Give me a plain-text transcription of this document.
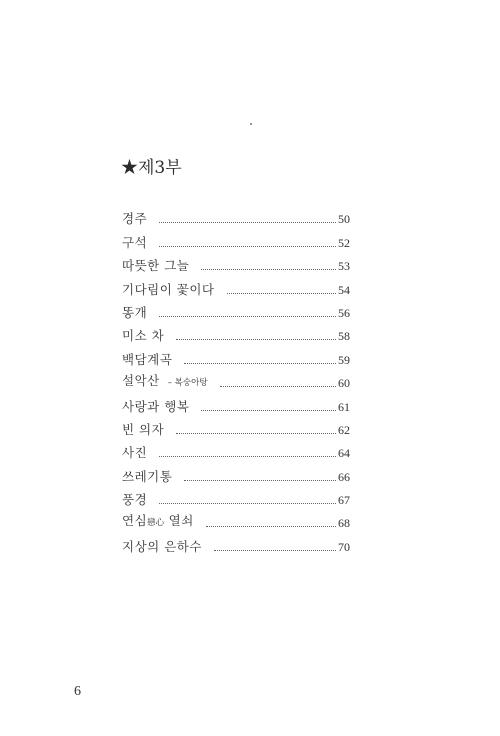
★제3부
경주	50
구석	52
따뜻한 그늘	53
기다림이 꽃이다	54
똥개	56
미소 차	58
백담계곡	59
설악산 – 복숭아탕	60
사랑과 행복	61
빈 의자	62
사진	64
쓰레기통	66
풍경	67
연심戀心 열쇠	68
지상의 은하수	70
6
